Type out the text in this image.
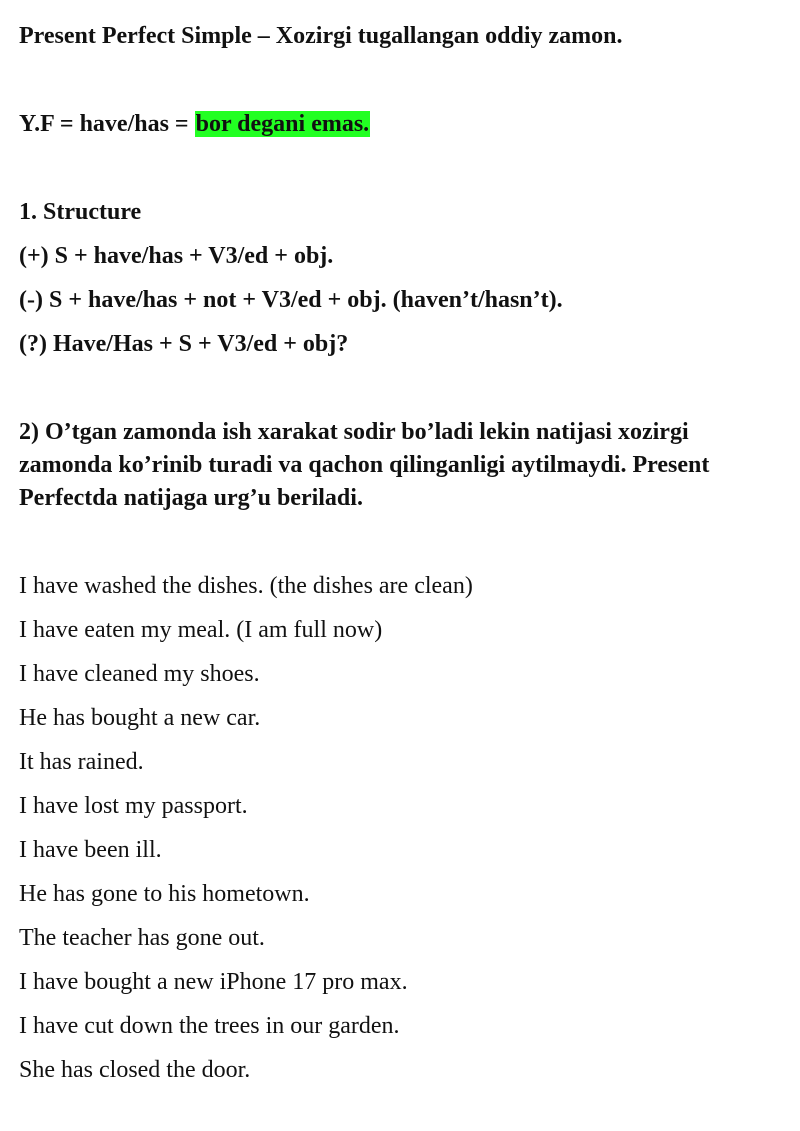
Present Perfect Simple – Xozirgi tugallangan oddiy zamon.
Y.F = have/has = bor degani emas.
1. Structure
(+) S + have/has + V3/ed + obj.
(-) S + have/has + not + V3/ed + obj. (haven’t/hasn’t).
(?) Have/Has + S + V3/ed + obj?
2) O’tgan zamonda ish xarakat sodir bo’ladi lekin natijasi xozirgi zamonda ko’rinib turadi va qachon qilinganligi aytilmaydi. Present Perfectda natijaga urg’u beriladi.
I have washed the dishes. (the dishes are clean)
I have eaten my meal. (I am full now)
I have cleaned my shoes.
He has bought a new car.
It has rained.
I have lost my passport.
I have been ill.
He has gone to his hometown.
The teacher has gone out.
I have bought a new iPhone 17 pro max.
I have cut down the trees in our garden.
She has closed the door.
